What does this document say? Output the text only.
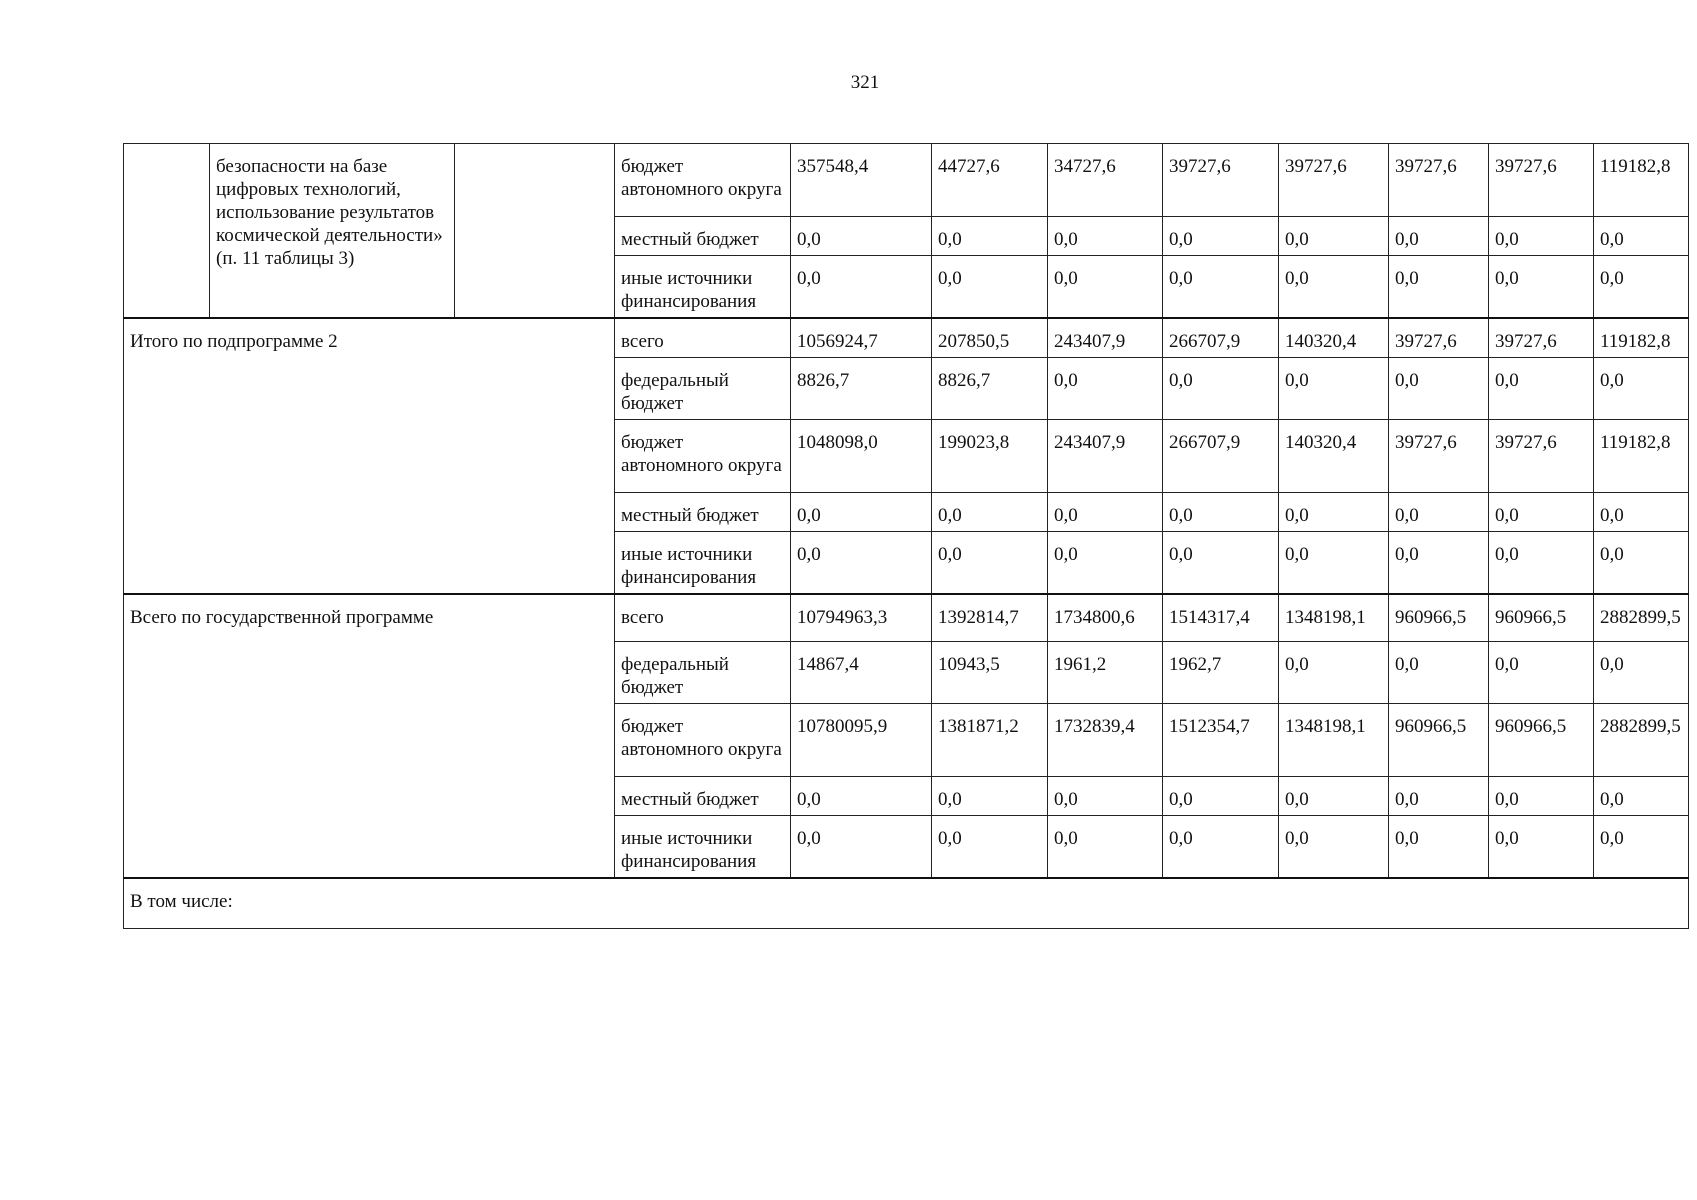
321
	безопасности на базе цифровых технологий, использование результатов космической деятельности» (п. 11 таблицы 3)		бюджет автономного округа	357548,4	44727,6	34727,6	39727,6	39727,6	39727,6	39727,6	119182,8
			местный бюджет	0,0	0,0	0,0	0,0	0,0	0,0	0,0	0,0
			иные источники финансирования	0,0	0,0	0,0	0,0	0,0	0,0	0,0	0,0
Итого по подпрограмме 2			всего	1056924,7	207850,5	243407,9	266707,9	140320,4	39727,6	39727,6	119182,8
			федеральный бюджет	8826,7	8826,7	0,0	0,0	0,0	0,0	0,0	0,0
			бюджет автономного округа	1048098,0	199023,8	243407,9	266707,9	140320,4	39727,6	39727,6	119182,8
			местный бюджет	0,0	0,0	0,0	0,0	0,0	0,0	0,0	0,0
			иные источники финансирования	0,0	0,0	0,0	0,0	0,0	0,0	0,0	0,0
Всего по государственной программе			всего	10794963,3	1392814,7	1734800,6	1514317,4	1348198,1	960966,5	960966,5	2882899,5
			федеральный бюджет	14867,4	10943,5	1961,2	1962,7	0,0	0,0	0,0	0,0
			бюджет автономного округа	10780095,9	1381871,2	1732839,4	1512354,7	1348198,1	960966,5	960966,5	2882899,5
			местный бюджет	0,0	0,0	0,0	0,0	0,0	0,0	0,0	0,0
			иные источники финансирования	0,0	0,0	0,0	0,0	0,0	0,0	0,0	0,0
В том числе:											
